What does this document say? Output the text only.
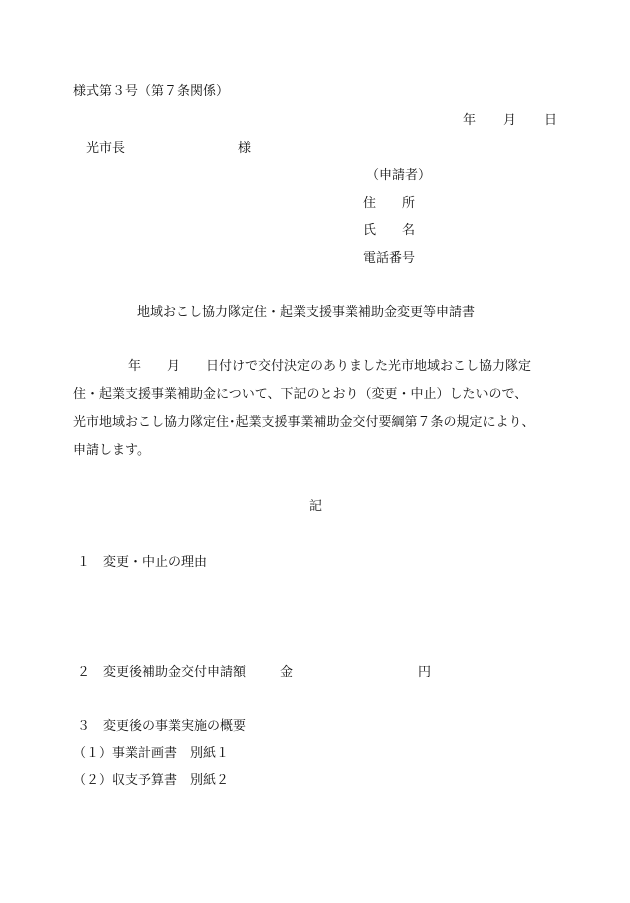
様式第３号（第７条関係）
年 月 日
光市長	様
（申請者）
住　　所
氏　　名
電話番号
地域おこし協力隊定住・起業支援事業補助金変更等申請書

年　　月　　日付けで交付決定のありました光市地域おこし協力隊定

住・起業支援事業補助金について、下記のとおり（変更・中止）したいので、

光市地域おこし協力隊定住･起業支援事業補助金交付要綱第７条の規定により、

申請します。

記
１　変更・中止の理由
２　変更後補助金交付申請額	金	円
３　変更後の事業実施の概要
（１）事業計画書　別紙１
（２）収支予算書　別紙２
